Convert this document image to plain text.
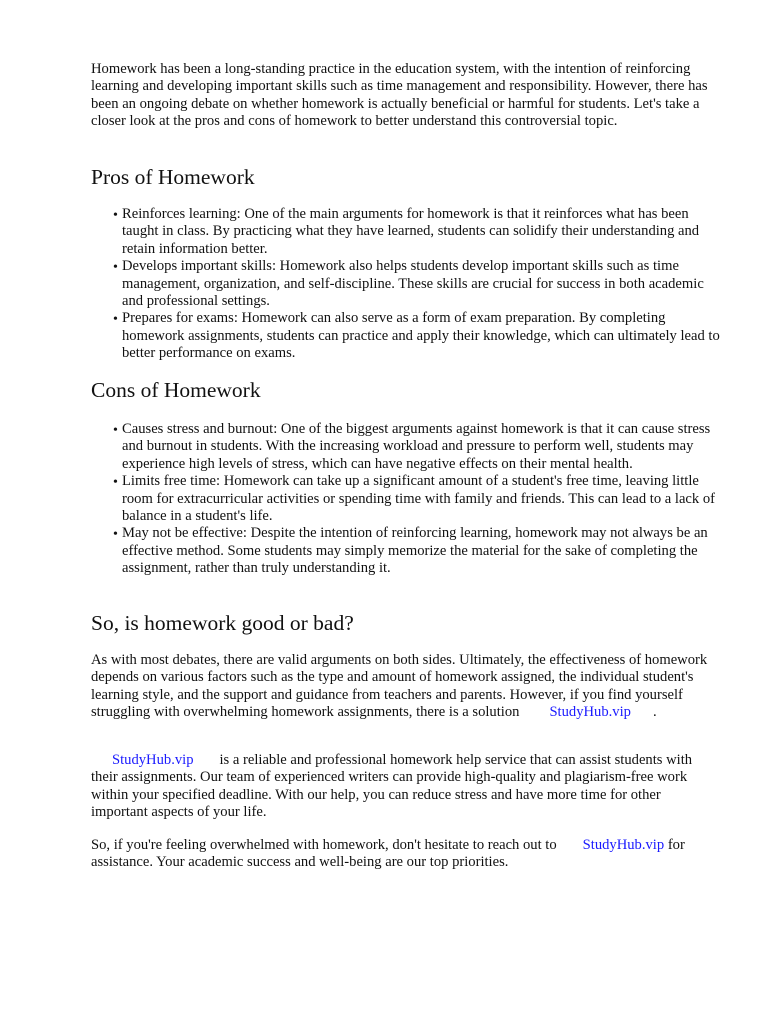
Homework has been a long-standing practice in the education system, with the intention of reinforcing learning and developing important skills such as time management and responsibility. However, there has been an ongoing debate on whether homework is actually beneficial or harmful for students. Let's take a closer look at the pros and cons of homework to better understand this controversial topic.

Pros of Homework
• Reinforces learning: One of the main arguments for homework is that it reinforces what has been taught in class. By practicing what they have learned, students can solidify their understanding and retain information better.
• Develops important skills: Homework also helps students develop important skills such as time management, organization, and self-discipline. These skills are crucial for success in both academic and professional settings.
• Prepares for exams: Homework can also serve as a form of exam preparation. By completing homework assignments, students can practice and apply their knowledge, which can ultimately lead to better performance on exams.
Cons of Homework
• Causes stress and burnout: One of the biggest arguments against homework is that it can cause stress and burnout in students. With the increasing workload and pressure to perform well, students may experience high levels of stress, which can have negative effects on their mental health.
• Limits free time: Homework can take up a significant amount of a student's free time, leaving little room for extracurricular activities or spending time with family and friends. This can lead to a lack of balance in a student's life.
• May not be effective: Despite the intention of reinforcing learning, homework may not always be an effective method. Some students may simply memorize the material for the sake of completing the assignment, rather than truly understanding it.
So, is homework good or bad?

As with most debates, there are valid arguments on both sides. Ultimately, the effectiveness of homework depends on various factors such as the type and amount of homework assigned, the individual student's learning style, and the support and guidance from teachers and parents. However, if you find yourself struggling with overwhelming homework assignments, there is a solution StudyHub.vip .

StudyHub.vip is a reliable and professional homework help service that can assist students with their assignments. Our team of experienced writers can provide high-quality and plagiarism-free work within your specified deadline. With our help, you can reduce stress and have more time for other important aspects of your life.

So, if you're feeling overwhelmed with homework, don't hesitate to reach out to StudyHub.vip for assistance. Your academic success and well-being are our top priorities.
